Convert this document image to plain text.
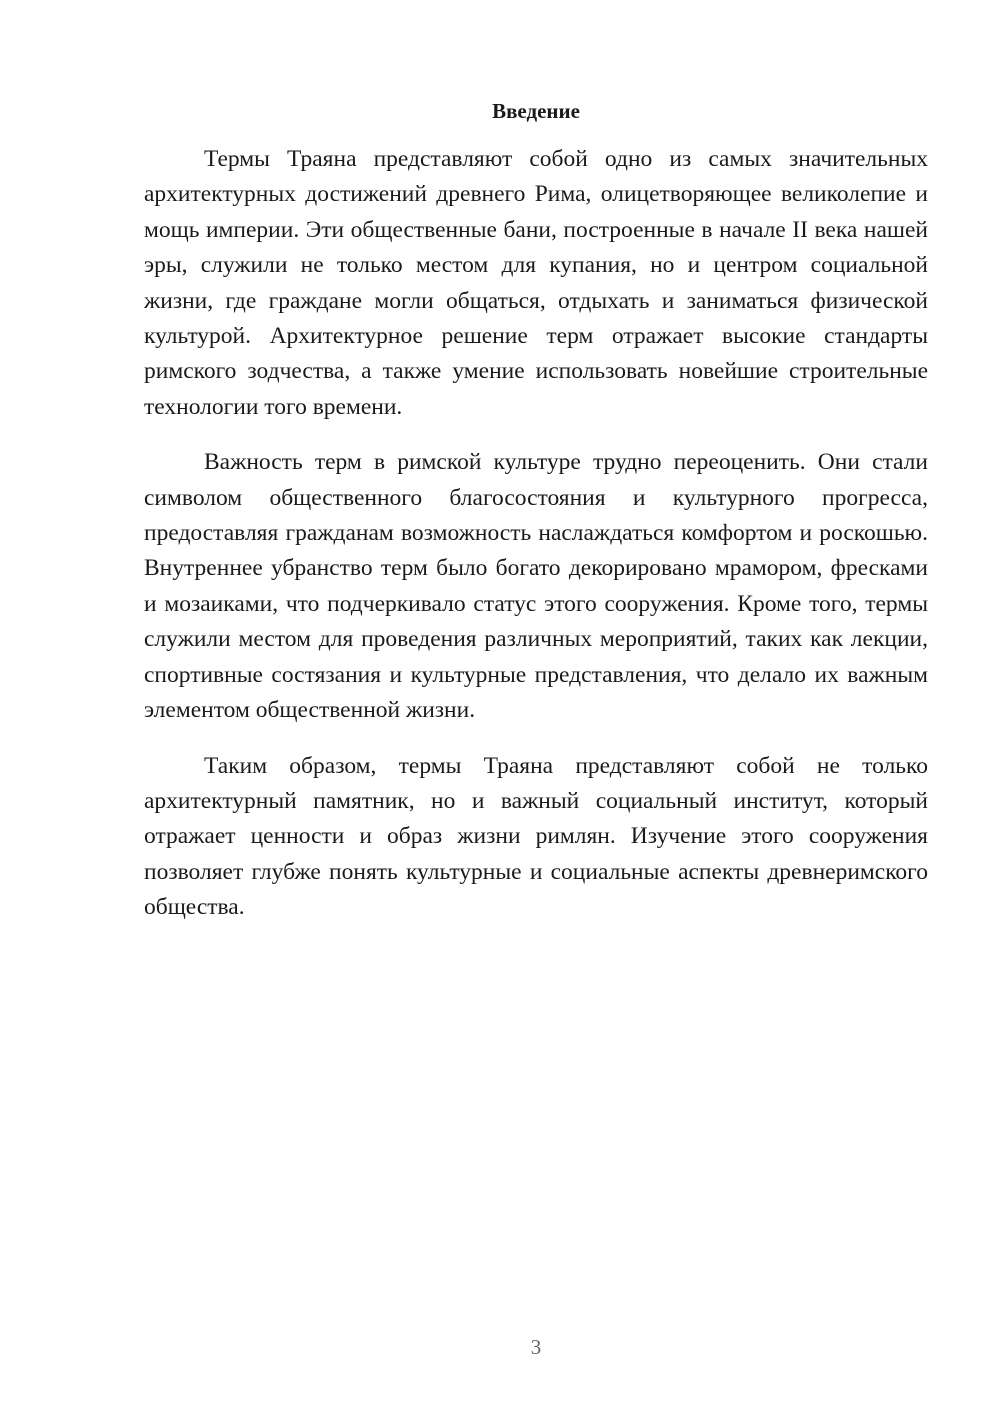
Введение

Термы Траяна представляют собой одно из самых значительных архитектурных достижений древнего Рима, олицетворяющее великолепие и мощь империи. Эти общественные бани, построенные в начале II века нашей эры, служили не только местом для купания, но и центром социальной жизни, где граждане могли общаться, отдыхать и заниматься физической культурой. Архитектурное решение терм отражает высокие стандарты римского зодчества, а также умение использовать новейшие строительные технологии того времени.

Важность терм в римской культуре трудно переоценить. Они стали символом общественного благосостояния и культурного прогресса, предоставляя гражданам возможность наслаждаться комфортом и роскошью. Внутреннее убранство терм было богато декорировано мрамором, фресками и мозаиками, что подчеркивало статус этого сооружения. Кроме того, термы служили местом для проведения различных мероприятий, таких как лекции, спортивные состязания и культурные представления, что делало их важным элементом общественной жизни.

Таким образом, термы Траяна представляют собой не только архитектурный памятник, но и важный социальный институт, который отражает ценности и образ жизни римлян. Изучение этого сооружения позволяет глубже понять культурные и социальные аспекты древнеримского общества.

3
